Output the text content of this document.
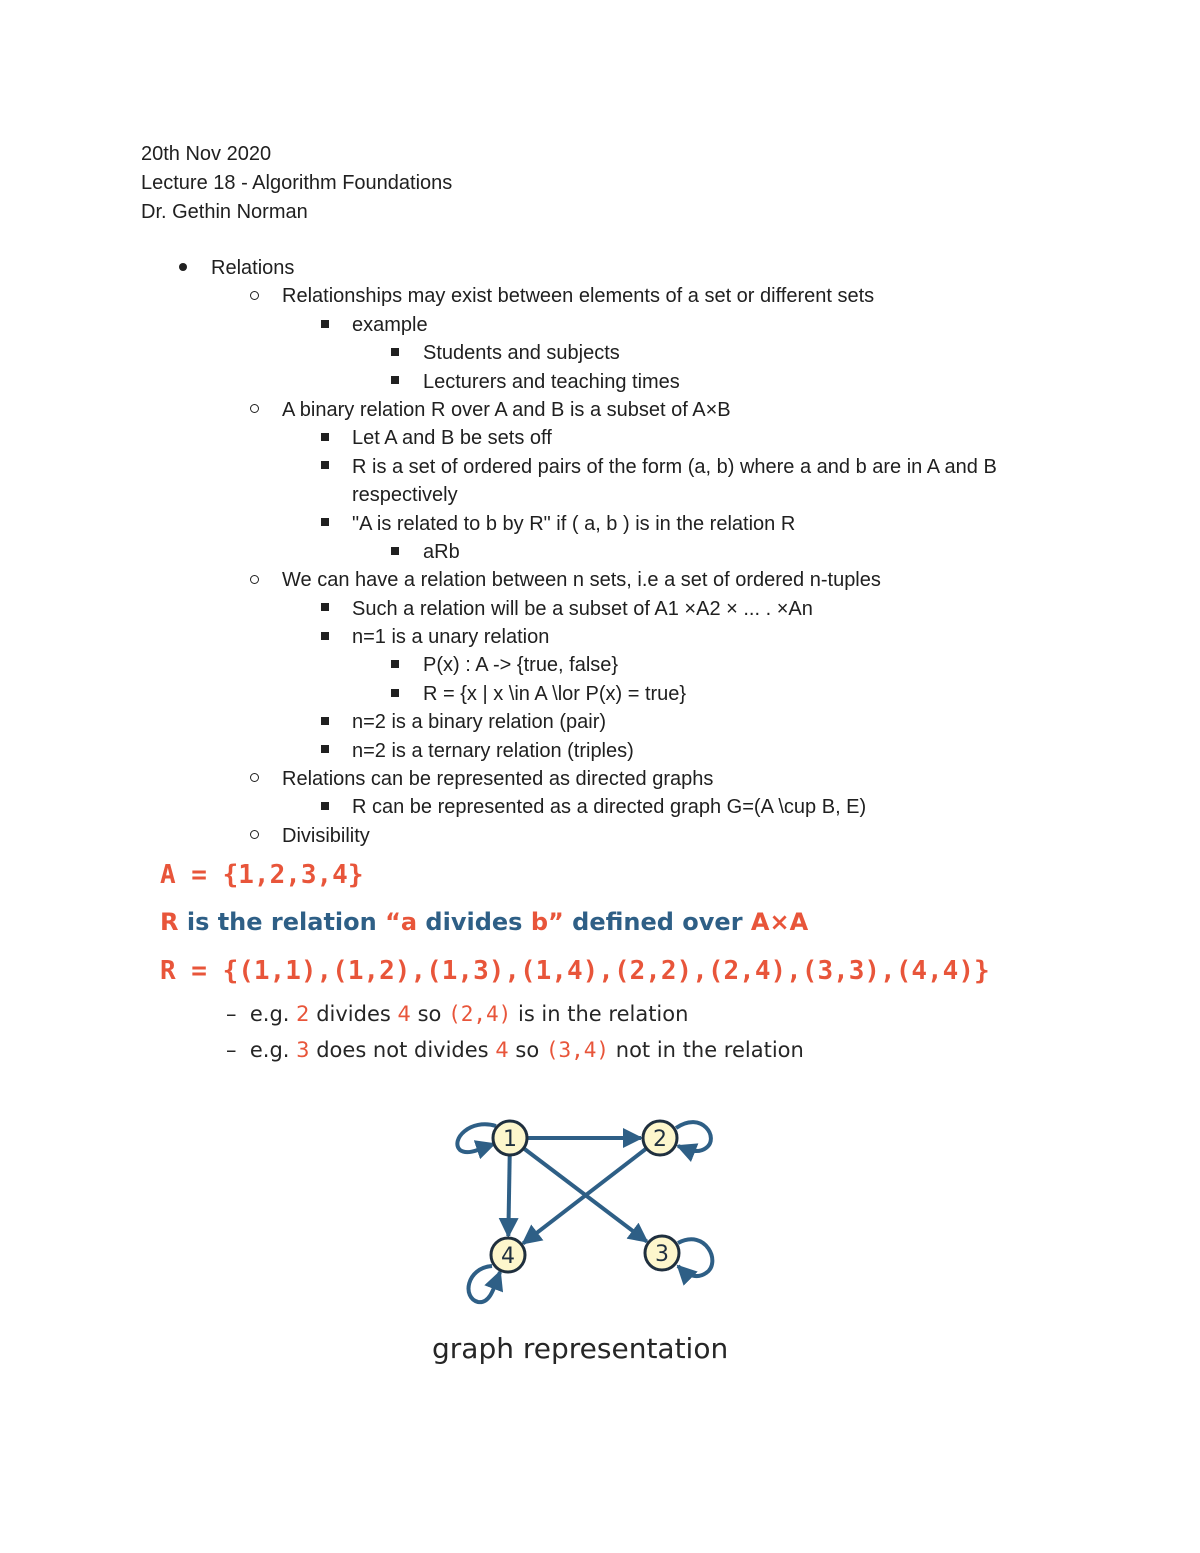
20th Nov 2020
Lecture 18 - Algorithm Foundations
Dr. Gethin Norman
Relations
Relationships may exist between elements of a set or different sets
example
Students and subjects
Lecturers and teaching times
A binary relation R over A and B is a subset of A×B
Let A and B be sets off
R is a set of ordered pairs of the form (a, b) where a and b are in A and B
respectively
"A is related to b by R" if ( a, b ) is in the relation R
aRb
We can have a relation between n sets, i.e a set of ordered n-tuples
Such a relation will be a subset of A1 ×A2 × ... . ×An
n=1 is a unary relation
P(x) : A -> {true, false}
R = {x | x \in A \lor P(x) = true}
n=2 is a binary relation (pair)
n=2 is a ternary relation (triples)
Relations can be represented as directed graphs
R can be represented as a directed graph G=(A \cup B, E)
Divisibility
A = {1,2,3,4}
R is the relation “a divides b” defined over A×A
R = {(1,1),(1,2),(1,3),(1,4),(2,2),(2,4),(3,3),(4,4)}
– e.g. 2 divides 4 so (2,4) is in the relation
– e.g. 3 does not divides 4 so (3,4) not in the relation
1	2
3
4
graph representation
